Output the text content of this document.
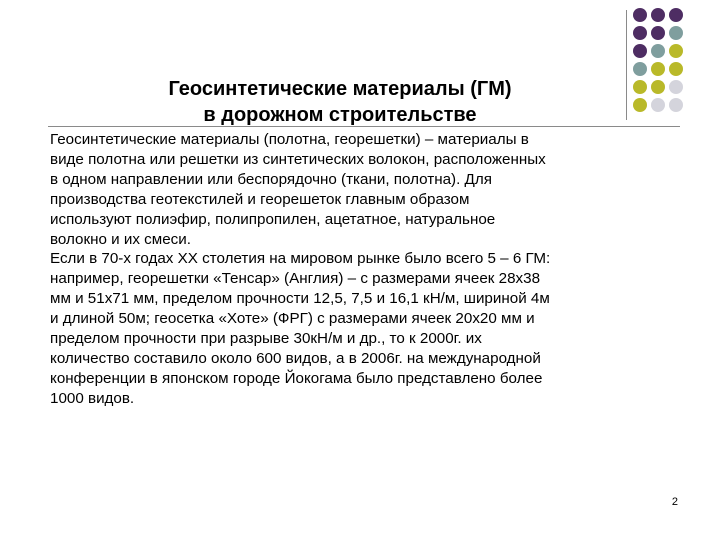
Геосинтетические материалы (ГМ)
в дорожном строительстве

Геосинтетические материалы (полотна, георешетки) – материалы в

виде полотна или решетки из синтетических волокон, расположенных

в одном направлении или беспорядочно (ткани, полотна). Для

производства геотекстилей и георешеток главным образом

используют полиэфир, полипропилен, ацетатное, натуральное

волокно и их смеси.

Если в 70-х годах XX столетия на мировом рынке было всего 5 – 6 ГМ:

например, георешетки «Тенсар» (Англия) – с размерами ячеек 28x38

мм и 51x71 мм, пределом прочности 12,5, 7,5 и 16,1 кН/м, шириной 4м

и длиной 50м; геосетка «Хоте» (ФРГ) с размерами ячеек 20x20 мм и

пределом прочности при разрыве 30кН/м и др., то к 2000г. их

количество составило около 600 видов, а в 2006г. на международной

конференции в японском городе Йокогама было представлено более

1000 видов.

2
